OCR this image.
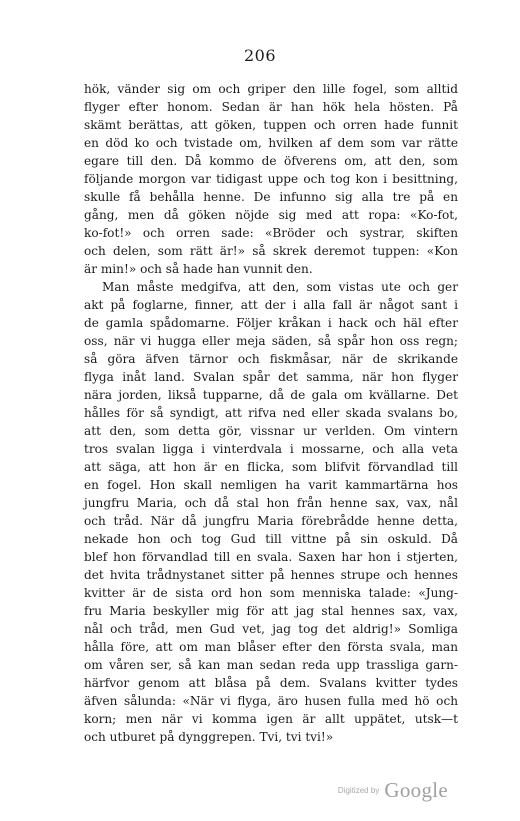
206
hök, vänder sig om och griper den lille fogel, som alltid
flyger efter honom. Sedan är han hök hela hösten. På
skämt berättas, att göken, tuppen och orren hade funnit
en död ko och tvistade om, hvilken af dem som var rätte
egare till den. Då kommo de öfverens om, att den, som
följande morgon var tidigast uppe och tog kon i besittning,
skulle få behålla henne. De infunno sig alla tre på en
gång, men då göken nöjde sig med att ropa: «Ko-fot,
ko-fot!» och orren sade: «Bröder och systrar, skiften
och delen, som rätt är!» så skrek deremot tuppen: «Kon
är min!» och så hade han vunnit den.
Man måste medgifva, att den, som vistas ute och ger
akt på foglarne, finner, att der i alla fall är något sant i
de gamla spådomarne. Följer kråkan i hack och häl efter
oss, när vi hugga eller meja säden, så spår hon oss regn;
så göra äfven tärnor och fiskmåsar, när de skrikande
flyga inåt land. Svalan spår det samma, när hon flyger
nära jorden, likså tupparne, då de gala om kvällarne. Det
hålles för så syndigt, att rifva ned eller skada svalans bo,
att den, som detta gör, vissnar ur verlden. Om vintern
tros svalan ligga i vinterdvala i mossarne, och alla veta
att säga, att hon är en flicka, som blifvit förvandlad till
en fogel. Hon skall nemligen ha varit kammartärna hos
jungfru Maria, och då stal hon från henne sax, vax, nål
och tråd. När då jungfru Maria förebrådde henne detta,
nekade hon och tog Gud till vittne på sin oskuld. Då
blef hon förvandlad till en svala. Saxen har hon i stjerten,
det hvita trådnystanet sitter på hennes strupe och hennes
kvitter är de sista ord hon som menniska talade: «Jung-
fru Maria beskyller mig för att jag stal hennes sax, vax,
nål och tråd, men Gud vet, jag tog det aldrig!» Somliga
hålla före, att om man blåser efter den första svala, man
om våren ser, så kan man sedan reda upp trassliga garn-
härfvor genom att blåsa på dem. Svalans kvitter tydes
äfven sålunda: «När vi flyga, äro husen fulla med hö och
korn; men när vi komma igen är allt uppätet, utsk—t
och utburet på dynggrepen. Tvi, tvi tvi!»
Digitized by Google
